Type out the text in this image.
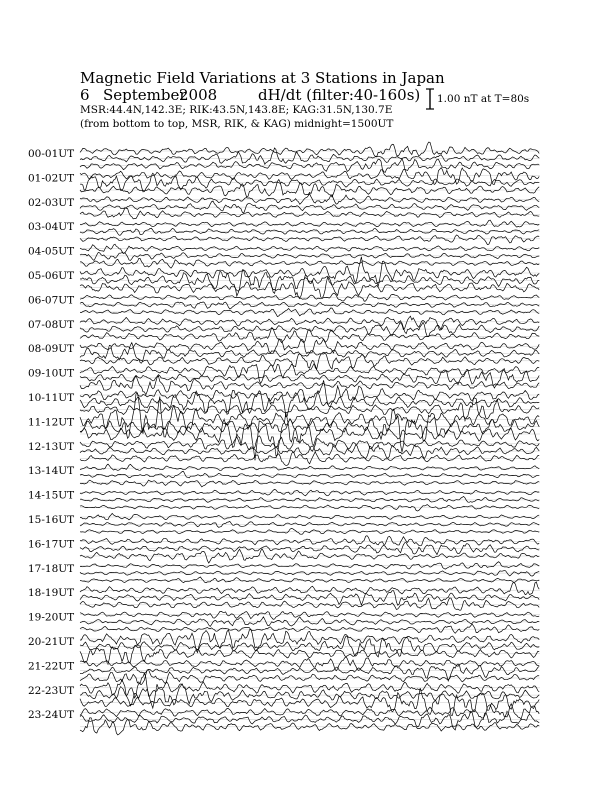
00-01UT
01-02UT
02-03UT
03-04UT
04-05UT
05-06UT
06-07UT
07-08UT
08-09UT
09-10UT
10-11UT
11-12UT
12-13UT
13-14UT
14-15UT
15-16UT
16-17UT
17-18UT
18-19UT
19-20UT
20-21UT
21-22UT
22-23UT
23-24UT
Magnetic Field Variations at 3 Stations in Japan
6 September
2008	dH/dt (filter:40-160s)
MSR:44.4N,142.3E; RIK:43.5N,143.8E; KAG:31.5N,130.7E
(from bottom to top, MSR, RIK, & KAG) midnight=1500UT
1.00 nT at T=80s
